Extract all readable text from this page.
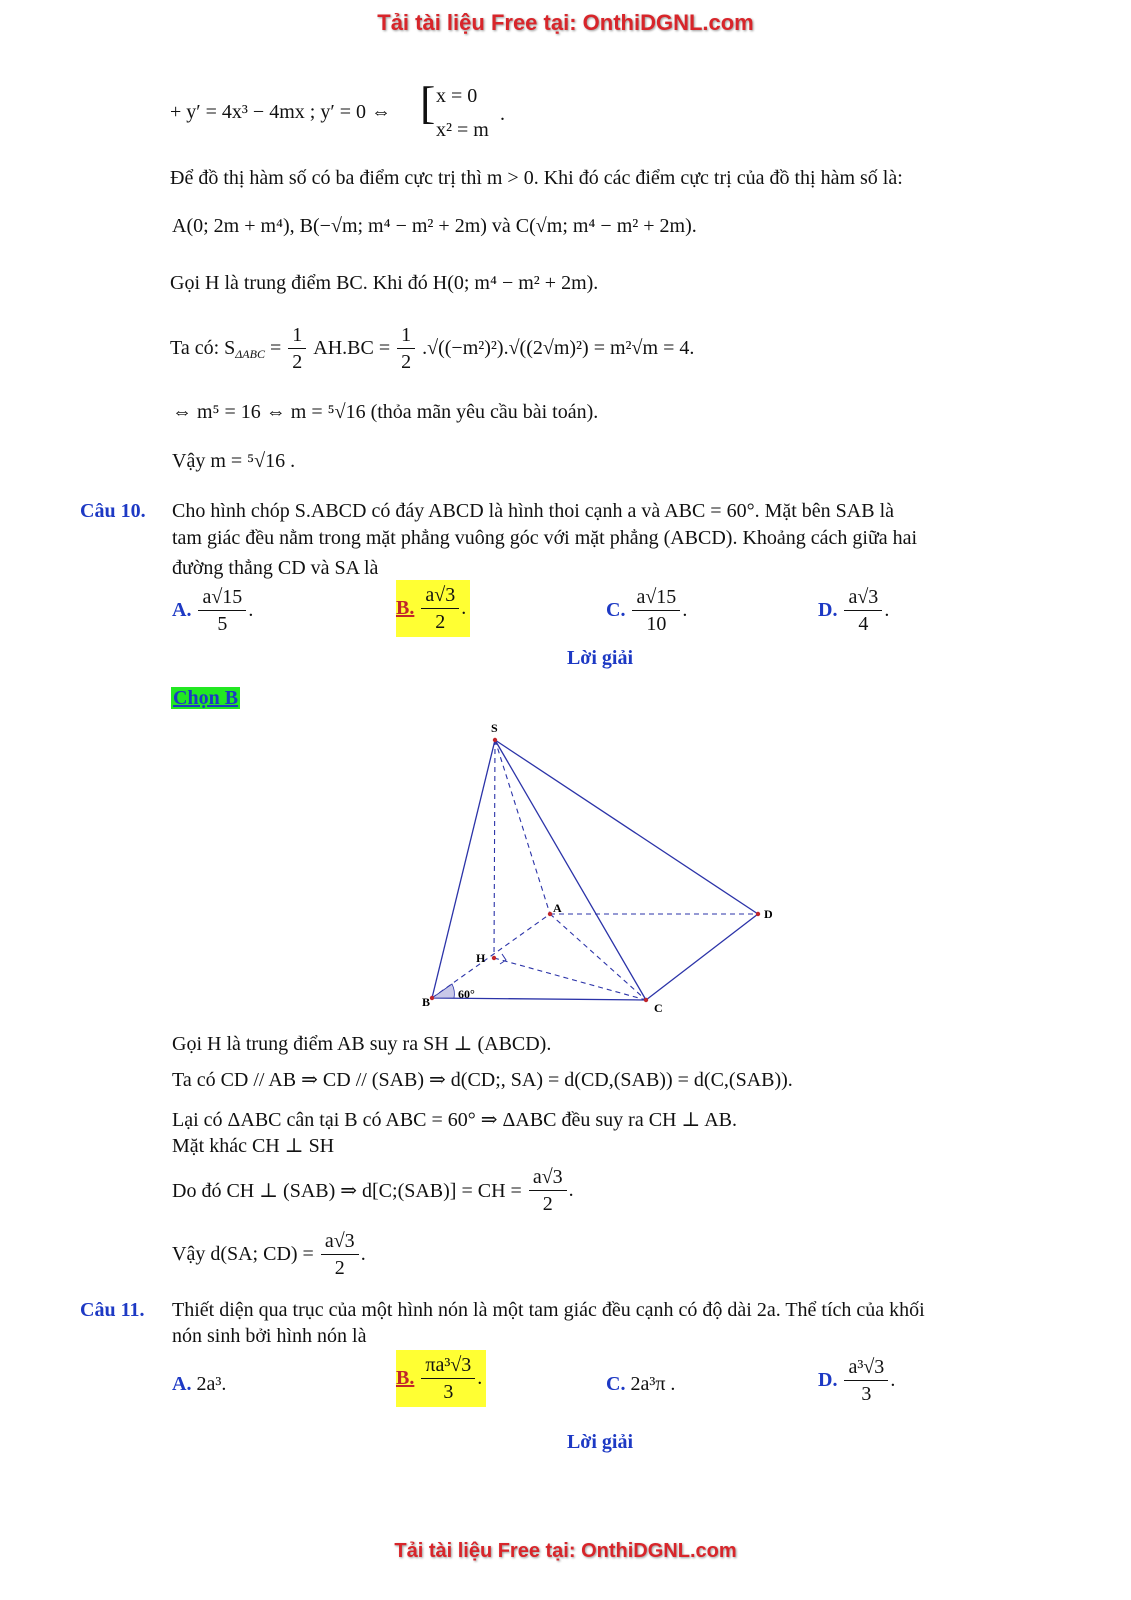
Tải tài liệu Free tại: OnthiDGNL.com
+ y′ = 4x³ − 4mx ; y′ = 0 ⇔ [ x = 0
x² = m
.
Để đồ thị hàm số có ba điểm cực trị thì m > 0. Khi đó các điểm cực trị của đồ thị hàm số là:
A(0; 2m + m⁴), B(−√m; m⁴ − m² + 2m) và C(√m; m⁴ − m² + 2m).
Gọi H là trung điểm BC. Khi đó H(0; m⁴ − m² + 2m).
Ta có: $S_{\Delta ABC} = \frac{1}{2} AH.BC = \frac{1}{2} .√((-m^2)^2).√((2√m)^2) = m^2√m = 4$.
⇔ m⁵ = 16 ⇔ m = ⁵√16 (thỏa mãn yêu cầu bài toán).
Vậy m = ⁵√16 .
Câu 10. Cho hình chóp S.ABCD có đáy ABCD là hình thoi cạnh a và ABC = 60°. Mặt bên SAB là
tam giác đều nằm trong mặt phẳng vuông góc với mặt phẳng (ABCD). Khoảng cách giữa hai
đường thẳng CD và SA là
A. $\frac{a√15}{5}$ .	B. $\frac{a√3}{2}$ .	C. $\frac{a√15}{10}$ .	D. $\frac{a√3}{4}$ .
Lời giải
Chọn B
S
A
B	C
D
H
60°
Gọi H là trung điểm AB suy ra SH ⊥ (ABCD).
Ta có CD // AB ⇒ CD // (SAB) ⇒ d(CD;, SA) = d(CD,(SAB)) = d(C,(SAB)).
Lại có ΔABC cân tại B có ABC = 60° ⇒ ΔABC đều suy ra CH ⊥ AB.
Mặt khác CH ⊥ SH
Do đó CH ⊥ (SAB) ⇒ d[C;(SAB)] = CH = $\frac{a√3}{2}$ .
Vậy d(SA; $CD) = \frac{a√3}{2}$ .
Câu 11. Thiết diện qua trục của một hình nón là một tam giác đều cạnh có độ dài 2a. Thể tích của khối
nón sinh bởi hình nón là
A. 2a³.	B. $\frac{\text{πa³√3}}{3}$ .	C. 2a³π .	D. $\frac{\text{a³√3}}{3}$ .
Lời giải
Tải tài liệu Free tại: OnthiDGNL.com
